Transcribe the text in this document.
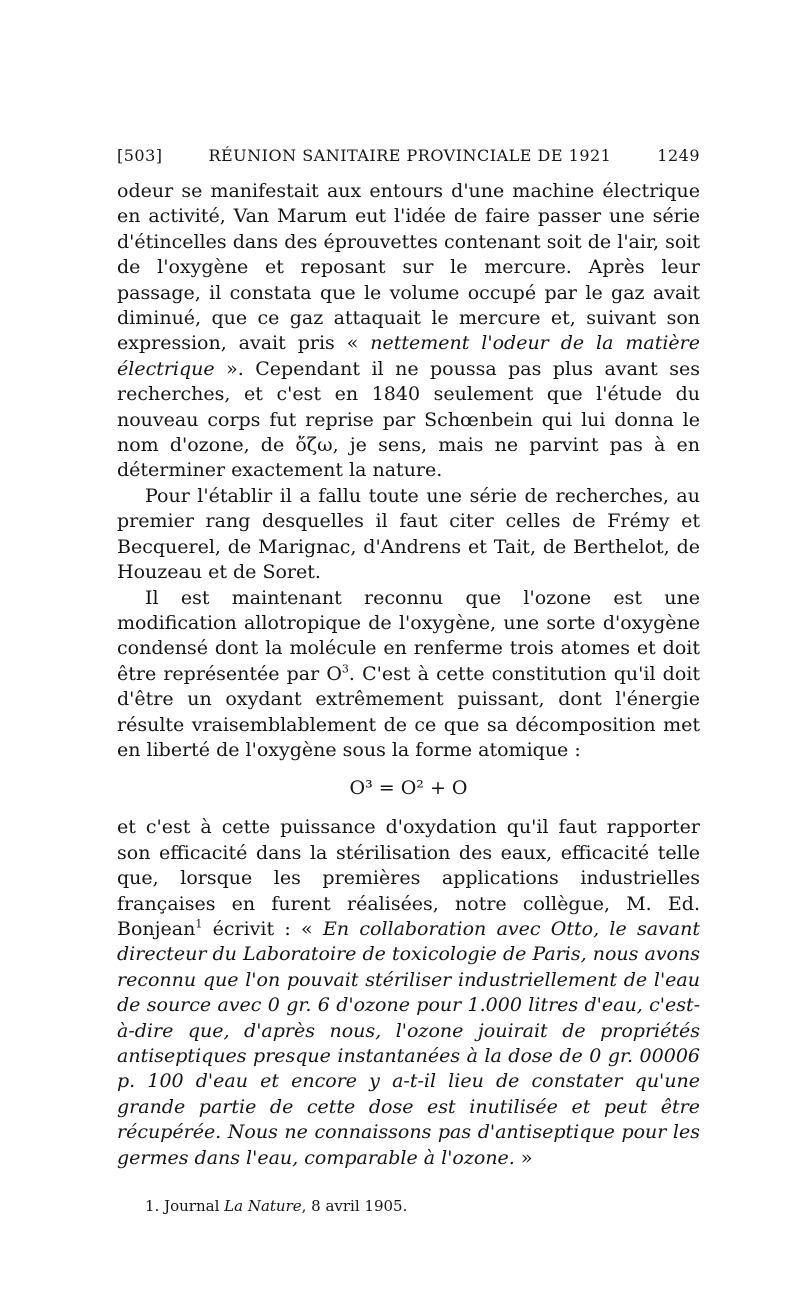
[503]	RÉUNION SANITAIRE PROVINCIALE DE 1921	1249

odeur se manifestait aux entours d'une machine électrique en activité, Van Marum eut l'idée de faire passer une série d'étincelles dans des éprouvettes contenant soit de l'air, soit de l'oxygène et reposant sur le mercure. Après leur passage, il constata que le volume occupé par le gaz avait diminué, que ce gaz attaquait le mercure et, suivant son expression, avait pris « nettement l'odeur de la matière électrique ». Cependant il ne poussa pas plus avant ses recherches, et c'est en 1840 seulement que l'étude du nouveau corps fut reprise par Schœnbein qui lui donna le nom d'ozone, de ὄζω, je sens, mais ne parvint pas à en déterminer exactement la nature.

Pour l'établir il a fallu toute une série de recherches, au premier rang desquelles il faut citer celles de Frémy et Becquerel, de Marignac, d'Andrens et Tait, de Berthelot, de Houzeau et de Soret.

Il est maintenant reconnu que l'ozone est une modification allotropique de l'oxygène, une sorte d'oxygène condensé dont la molécule en renferme trois atomes et doit être représentée par $O^3$. C'est à cette constitution qu'il doit d'être un oxydant extrêmement puissant, dont l'énergie résulte vraisemblablement de ce que sa décomposition met en liberté de l'oxygène sous la forme atomique :

O³ = O² + O

et c'est à cette puissance d'oxydation qu'il faut rapporter son efficacité dans la stérilisation des eaux, efficacité telle que, lorsque les premières applications industrielles françaises en furent réalisées, notre collègue, M. Ed. Bonjean$^1$ écrivit : « En collaboration avec Otto, le savant directeur du Laboratoire de toxicologie de Paris, nous avons reconnu que l'on pouvait stériliser industriellement de l'eau de source avec 0 gr. 6 d'ozone pour 1.000 litres d'eau, c'est-à-dire que, d'après nous, l'ozone jouirait de propriétés antiseptiques presque instantanées à la dose de 0 gr. 00006 p. 100 d'eau et encore y a-t-il lieu de constater qu'une grande partie de cette dose est inutilisée et peut être récupérée. Nous ne connaissons pas d'antiseptique pour les germes dans l'eau, comparable à l'ozone. »

1. Journal La Nature, 8 avril 1905.
